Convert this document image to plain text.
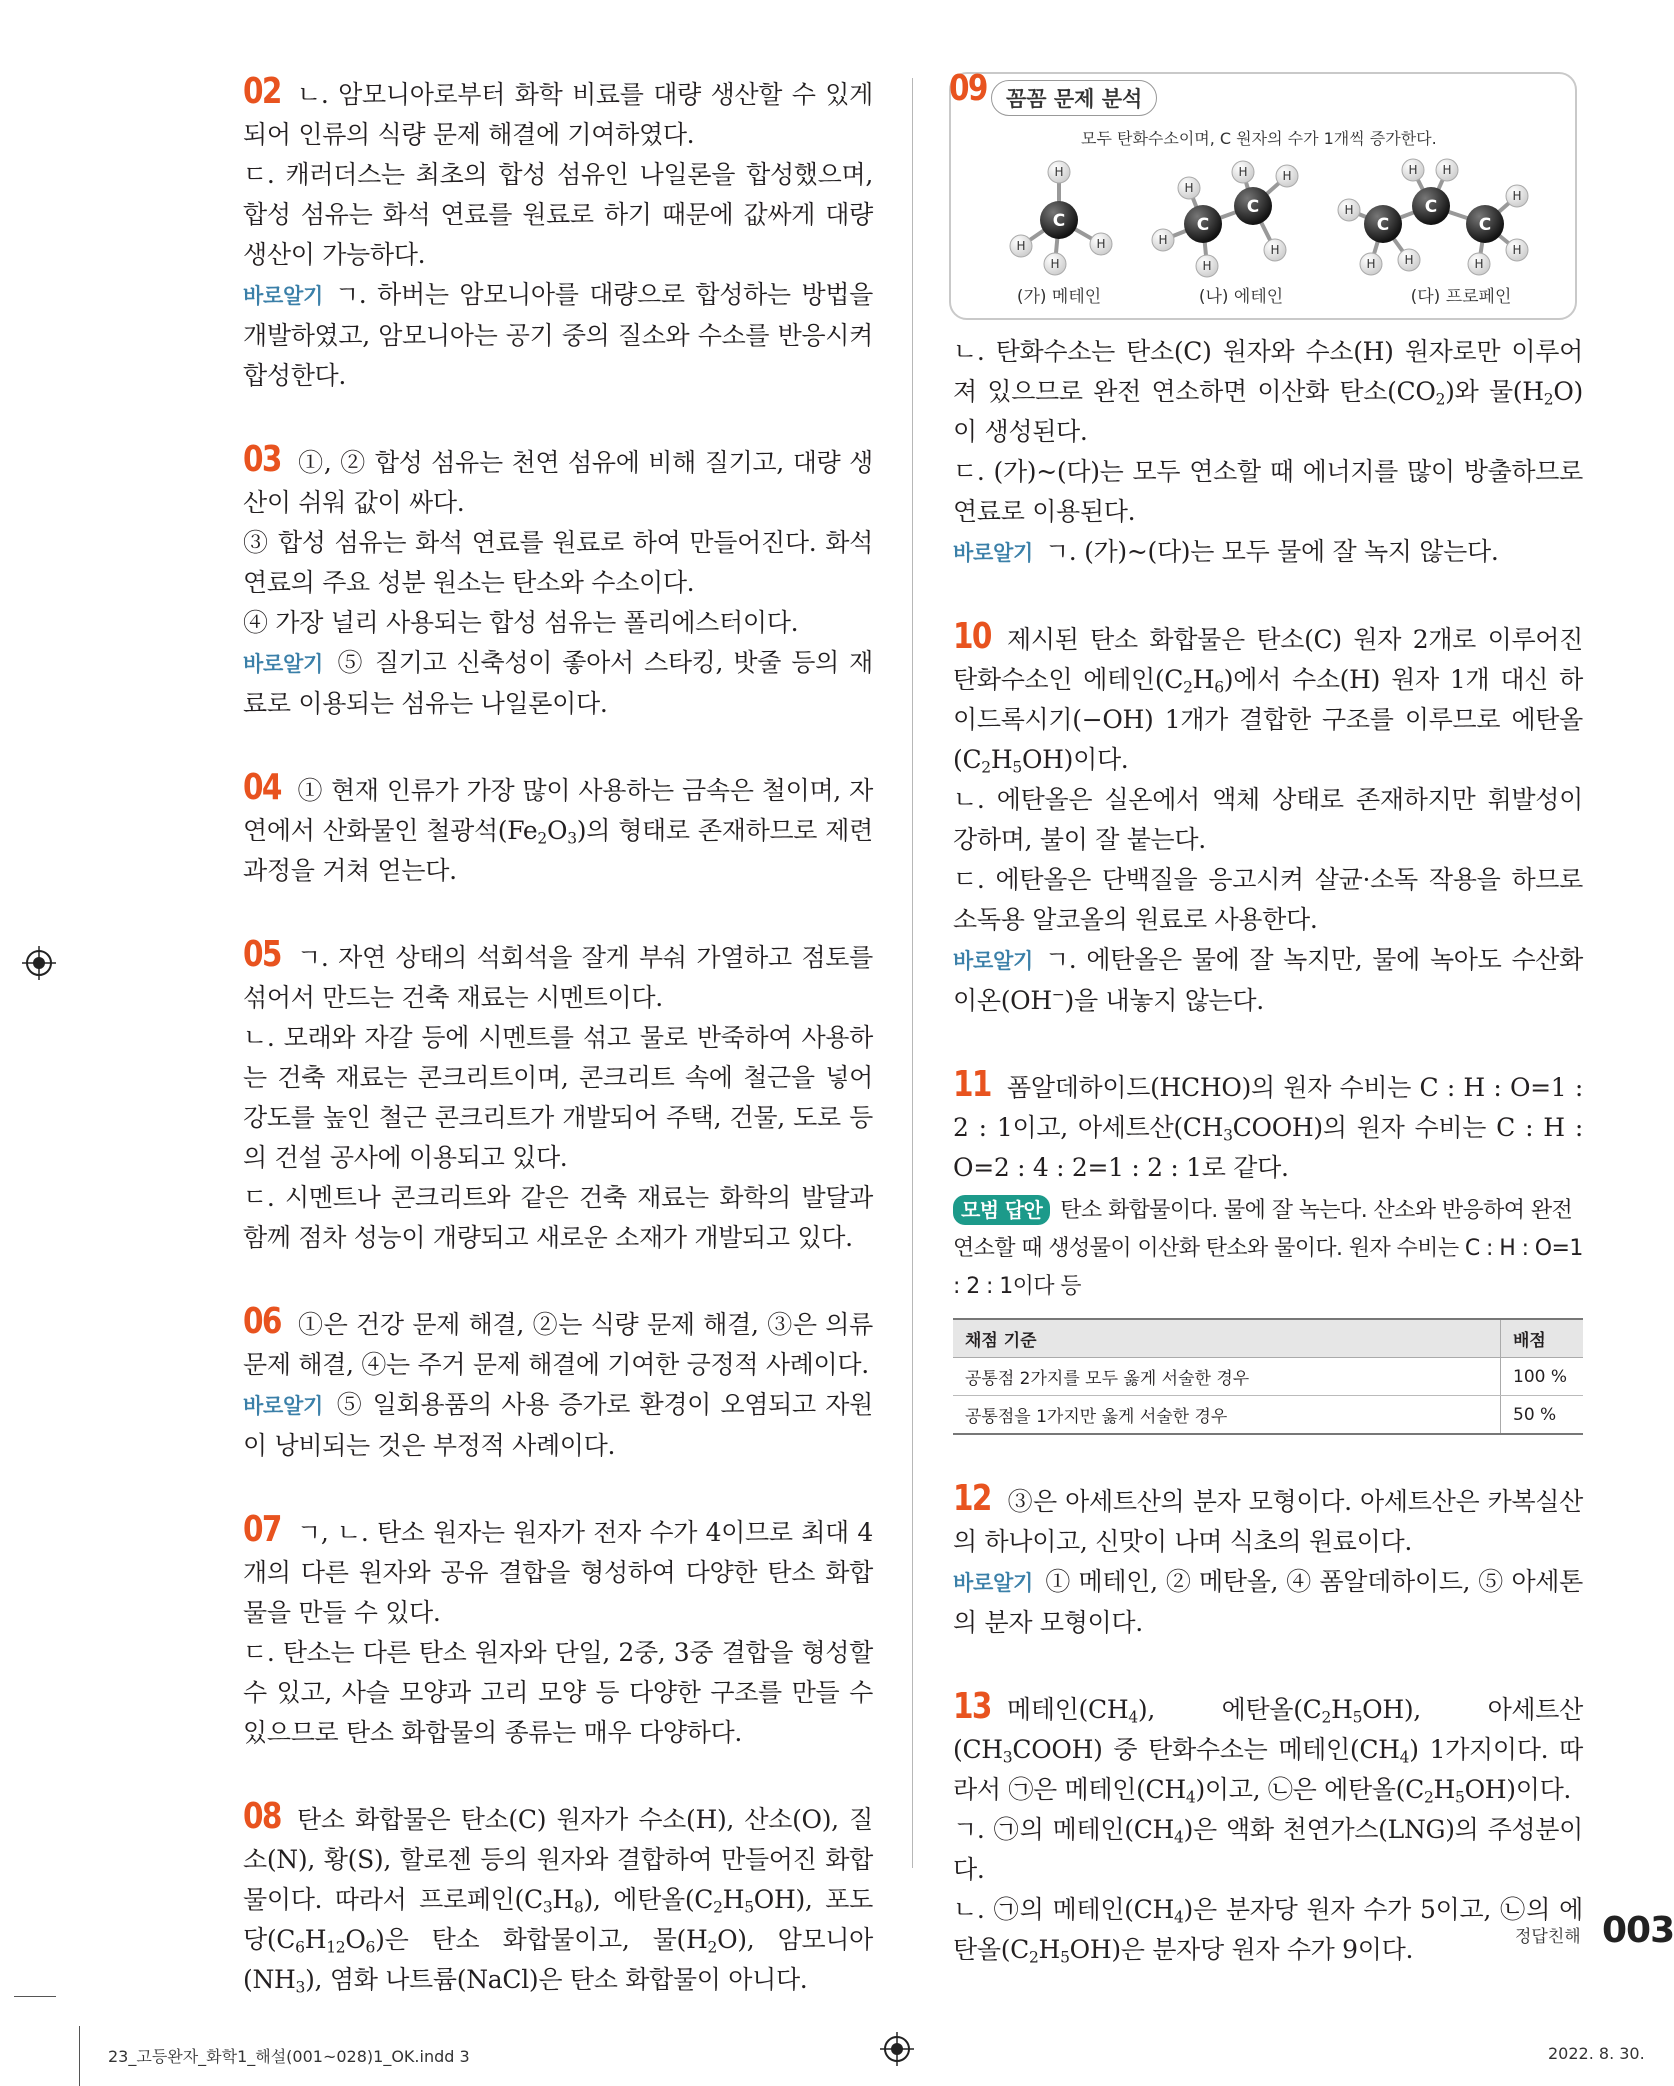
02 ㄴ. 암모니아로부터 화학 비료를 대량 생산할 수 있게 되어 인류의 식량 문제 해결에 기여하였다.

ㄷ. 캐러더스는 최초의 합성 섬유인 나일론을 합성했으며, 합성 섬유는 화석 연료를 원료로 하기 때문에 값싸게 대량 생산이 가능하다.

바로알기 ㄱ. 하버는 암모니아를 대량으로 합성하는 방법을 개발하였고, 암모니아는 공기 중의 질소와 수소를 반응시켜 합성한다.

03 ①, ② 합성 섬유는 천연 섬유에 비해 질기고, 대량 생산이 쉬워 값이 싸다.

③ 합성 섬유는 화석 연료를 원료로 하여 만들어진다. 화석 연료의 주요 성분 원소는 탄소와 수소이다.

④ 가장 널리 사용되는 합성 섬유는 폴리에스터이다.

바로알기 ⑤ 질기고 신축성이 좋아서 스타킹, 밧줄 등의 재료로 이용되는 섬유는 나일론이다.

04 ① 현재 인류가 가장 많이 사용하는 금속은 철이며, 자연에서 산화물인 철광석$(Fe_2O_3)$의 형태로 존재하므로 제련 과정을 거쳐 얻는다.

05 ㄱ. 자연 상태의 석회석을 잘게 부숴 가열하고 점토를 섞어서 만드는 건축 재료는 시멘트이다.

ㄴ. 모래와 자갈 등에 시멘트를 섞고 물로 반죽하여 사용하는 건축 재료는 콘크리트이며, 콘크리트 속에 철근을 넣어 강도를 높인 철근 콘크리트가 개발되어 주택, 건물, 도로 등의 건설 공사에 이용되고 있다.

ㄷ. 시멘트나 콘크리트와 같은 건축 재료는 화학의 발달과 함께 점차 성능이 개량되고 새로운 소재가 개발되고 있다.

06 ①은 건강 문제 해결, ②는 식량 문제 해결, ③은 의류 문제 해결, ④는 주거 문제 해결에 기여한 긍정적 사례이다.

바로알기 ⑤ 일회용품의 사용 증가로 환경이 오염되고 자원이 낭비되는 것은 부정적 사례이다.

07 ㄱ, ㄴ. 탄소 원자는 원자가 전자 수가 4이므로 최대 4개의 다른 원자와 공유 결합을 형성하여 다양한 탄소 화합물을 만들 수 있다.

ㄷ. 탄소는 다른 탄소 원자와 단일, 2중, 3중 결합을 형성할 수 있고, 사슬 모양과 고리 모양 등 다양한 구조를 만들 수 있으므로 탄소 화합물의 종류는 매우 다양하다.

08 탄소 화합물은 탄소(C) 원자가 수소(H), 산소(O), 질소(N), 황(S), 할로젠 등의 원자와 결합하여 만들어진 화합물이다. 따라서 프로페인$(C_3H_8)$, 에탄올$(C_2H_5OH)$, 포도당$(C_6H_{12}O_6)$은 탄소 화합물이고, 물$(H_2O)$, 암모니아$(NH_3)$, 염화 나트륨(NaCl)은 탄소 화합물이 아니다.

09 꼼꼼 문제 분석
모두 탄화수소이며, C 원자의 수가 1개씩 증가한다.
C	C
C
C
C
C
H
H	H
H
H
H
H
H	H
H
H
H H
H H
H
H
H
(가) 메테인	(나) 에테인	(다) 프로페인

ㄴ. 탄화수소는 탄소(C) 원자와 수소(H) 원자로만 이루어져 있으므로 완전 연소하면 이산화 탄소$(CO_2)$와 물$(H_2O)$이 생성된다.

ㄷ. (가)~(다)는 모두 연소할 때 에너지를 많이 방출하므로 연료로 이용된다.

바로알기 ㄱ. (가)~(다)는 모두 물에 잘 녹지 않는다.

10 제시된 탄소 화합물은 탄소(C) 원자 2개로 이루어진 탄화수소인 에테인$(C_2H_6)$에서 수소(H) 원자 1개 대신 하이드록시기(−OH) 1개가 결합한 구조를 이루므로 에탄올$(C_2H_5OH)$이다.

ㄴ. 에탄올은 실온에서 액체 상태로 존재하지만 휘발성이 강하며, 불이 잘 붙는다.

ㄷ. 에탄올은 단백질을 응고시켜 살균·소독 작용을 하므로 소독용 알코올의 원료로 사용한다.

바로알기 ㄱ. 에탄올은 물에 잘 녹지만, 물에 녹아도 수산화 이온(OH−)을 내놓지 않는다.

11 폼알데하이드(HCHO)의 원자 수비는 C : H : O=1 : 2 : 1이고, 아세트산$(CH_3COOH)$의 원자 수비는 C : H : O=2 : 4 : 2=1 : 2 : 1로 같다.

모범 답안 탄소 화합물이다. 물에 잘 녹는다. 산소와 반응하여 완전 연소할 때 생성물이 이산화 탄소와 물이다. 원자 수비는 C : H : O=1 : 2 : 1이다 등

채점 기준	배점
공통점 2가지를 모두 옳게 서술한 경우	100 %
공통점을 1가지만 옳게 서술한 경우	50 %

12 ③은 아세트산의 분자 모형이다. 아세트산은 카복실산의 하나이고, 신맛이 나며 식초의 원료이다.

바로알기 ① 메테인, ② 메탄올, ④ 폼알데하이드, ⑤ 아세톤의 분자 모형이다.

13 메테인$(CH_4)$, 에탄올$(C_2H_5OH)$, 아세트산$(CH_3COOH)$ 중 탄화수소는 메테인$(CH_4)$ 1가지이다. 따라서 ㉠은 메테인$(CH_4)$이고, ㉡은 에탄올$(C_2H_5OH)$이다.

ㄱ. ㉠의 메테인$(CH_4)$은 액화 천연가스(LNG)의 주성분이다.

ㄴ. ㉠의 메테인$(CH_4)$은 분자당 원자 수가 5이고, ㉡의 에탄올$(C_2H_5OH)$은 분자당 원자 수가 9이다.	정답친해 003
23_고등완자_화학1_해설(001~028)1_OK.indd 3	2022. 8. 30.
